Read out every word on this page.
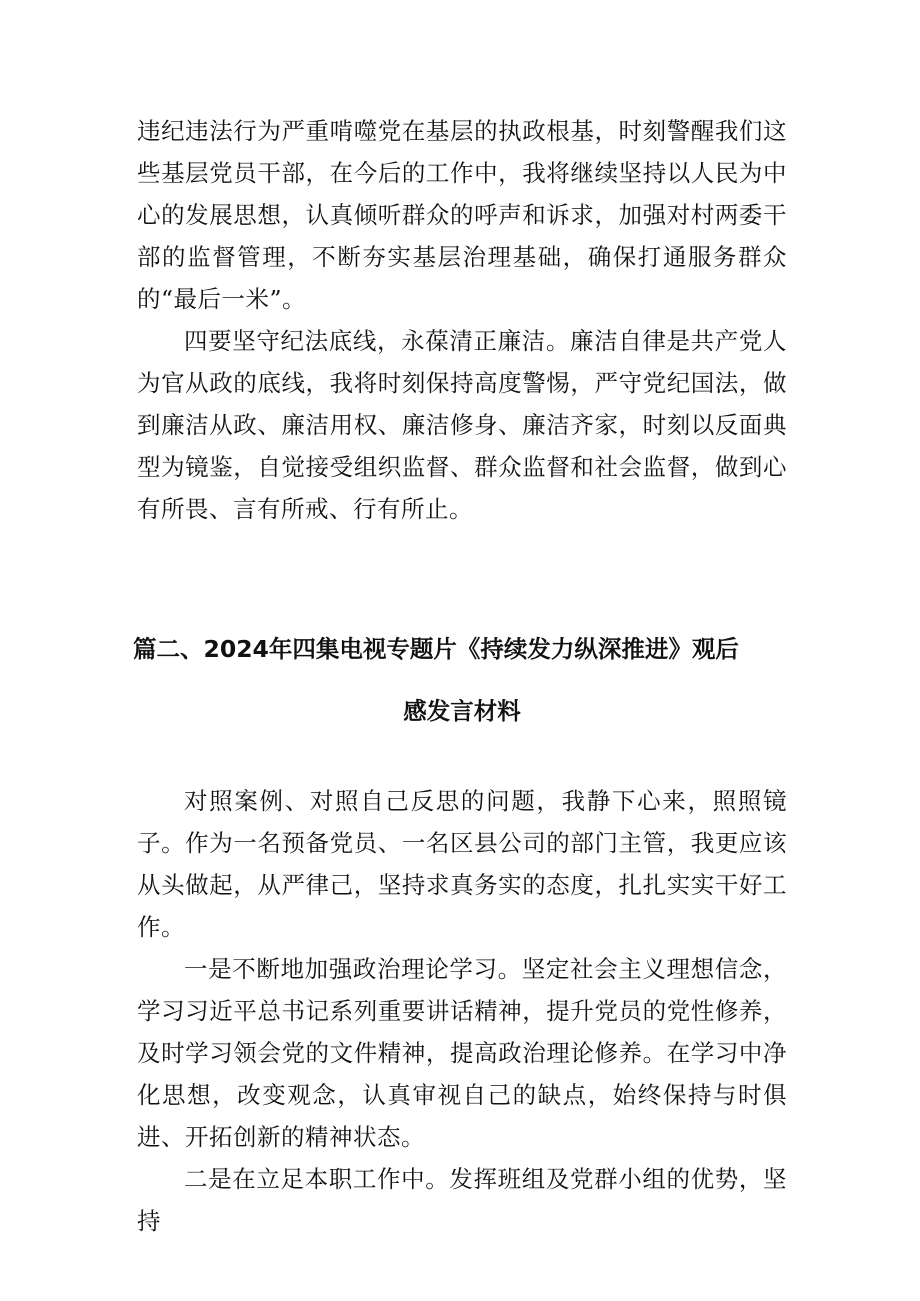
违纪违法行为严重啃噬党在基层的执政根基，时刻警醒我们这些基层党员干部，在今后的工作中，我将继续坚持以人民为中心的发展思想，认真倾听群众的呼声和诉求，加强对村两委干部的监督管理，不断夯实基层治理基础，确保打通服务群众的“最后一米”。

四要坚守纪法底线，永葆清正廉洁。廉洁自律是共产党人为官从政的底线，我将时刻保持高度警惕，严守党纪国法，做到廉洁从政、廉洁用权、廉洁修身、廉洁齐家，时刻以反面典型为镜鉴，自觉接受组织监督、群众监督和社会监督，做到心有所畏、言有所戒、行有所止。

篇二、2024年四集电视专题片《持续发力纵深推进》观后
感发言材料

对照案例、对照自己反思的问题，我静下心来，照照镜子。作为一名预备党员、一名区县公司的部门主管，我更应该从头做起，从严律己，坚持求真务实的态度，扎扎实实干好工作。

一是不断地加强政治理论学习。坚定社会主义理想信念，学习习近平总书记系列重要讲话精神，提升党员的党性修养，及时学习领会党的文件精神，提高政治理论修养。在学习中净化思想，改变观念，认真审视自己的缺点，始终保持与时俱进、开拓创新的精神状态。

二是在立足本职工作中。发挥班组及党群小组的优势，坚持
